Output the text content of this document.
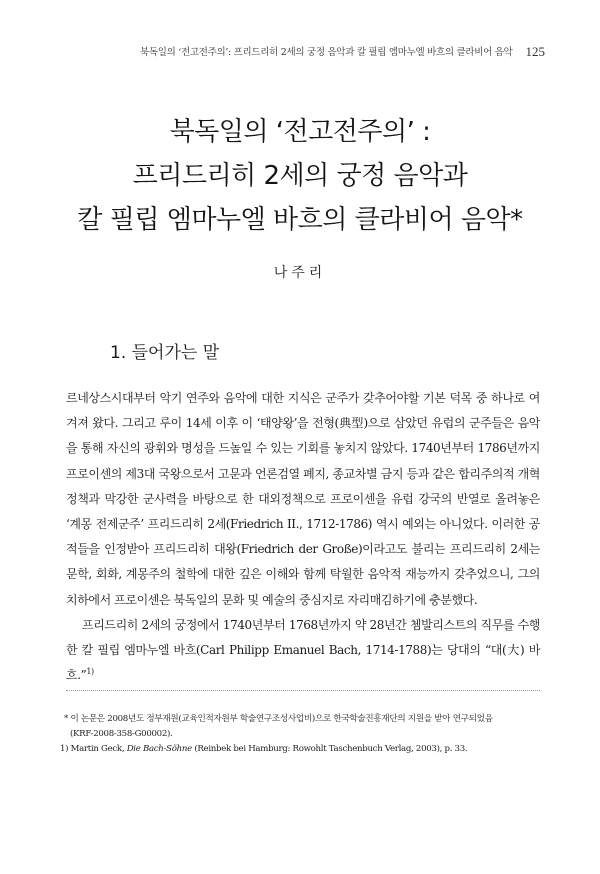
북독일의 ‘전고전주의’: 프리드리히 2세의 궁정 음악과 칼 필립 엠마누엘 바흐의 클라비어 음악 125
북독일의 ‘전고전주의’ :
프리드리히 2세의 궁정 음악과
칼 필립 엠마누엘 바흐의 클라비어 음악*
나주리
1. 들어가는 말

르네상스시대부터 악기 연주와 음악에 대한 지식은 군주가 갖추어야할 기본 덕목 중 하나로 여겨져 왔다. 그리고 루이 14세 이후 이 ‘태양왕’을 전형(典型)으로 삼았던 유럽의 군주들은 음악을 통해 자신의 광휘와 명성을 드높일 수 있는 기회를 놓치지 않았다. 1740년부터 1786년까지 프로이센의 제3대 국왕으로서 고문과 언론검열 폐지, 종교차별 금지 등과 같은 합리주의적 개혁 정책과 막강한 군사력을 바탕으로 한 대외정책으로 프로이센을 유럽 강국의 반열로 올려놓은 ‘계몽 전제군주’ 프리드리히 2세(Friedrich II., 1712-1786) 역시 예외는 아니었다. 이러한 공적들을 인정받아 프리드리히 대왕(Friedrich der Große)이라고도 불리는 프리드리히 2세는 문학, 회화, 계몽주의 철학에 대한 깊은 이해와 함께 탁월한 음악적 재능까지 갖추었으니, 그의 치하에서 프로이센은 북독일의 문화 및 예술의 중심지로 자리매김하기에 충분했다.

프리드리히 2세의 궁정에서 1740년부터 1768년까지 약 28년간 쳄발리스트의 직무를 수행한 칼 필립 엠마누엘 바흐(Carl Philipp Emanuel Bach, 1714-1788)는 당대의 “대(大) 바흐.”$^{1)}$

* 이 논문은 2008년도 정부재원(교육인적자원부 학술연구조성사업비)으로 한국학술진흥재단의 지원을 받아 연구되었음
(KRF-2008-358-G00002).

1) Martin Geck, Die Bach-Söhne (Reinbek bei Hamburg: Rowohlt Taschenbuch Verlag, 2003), p. 33.
